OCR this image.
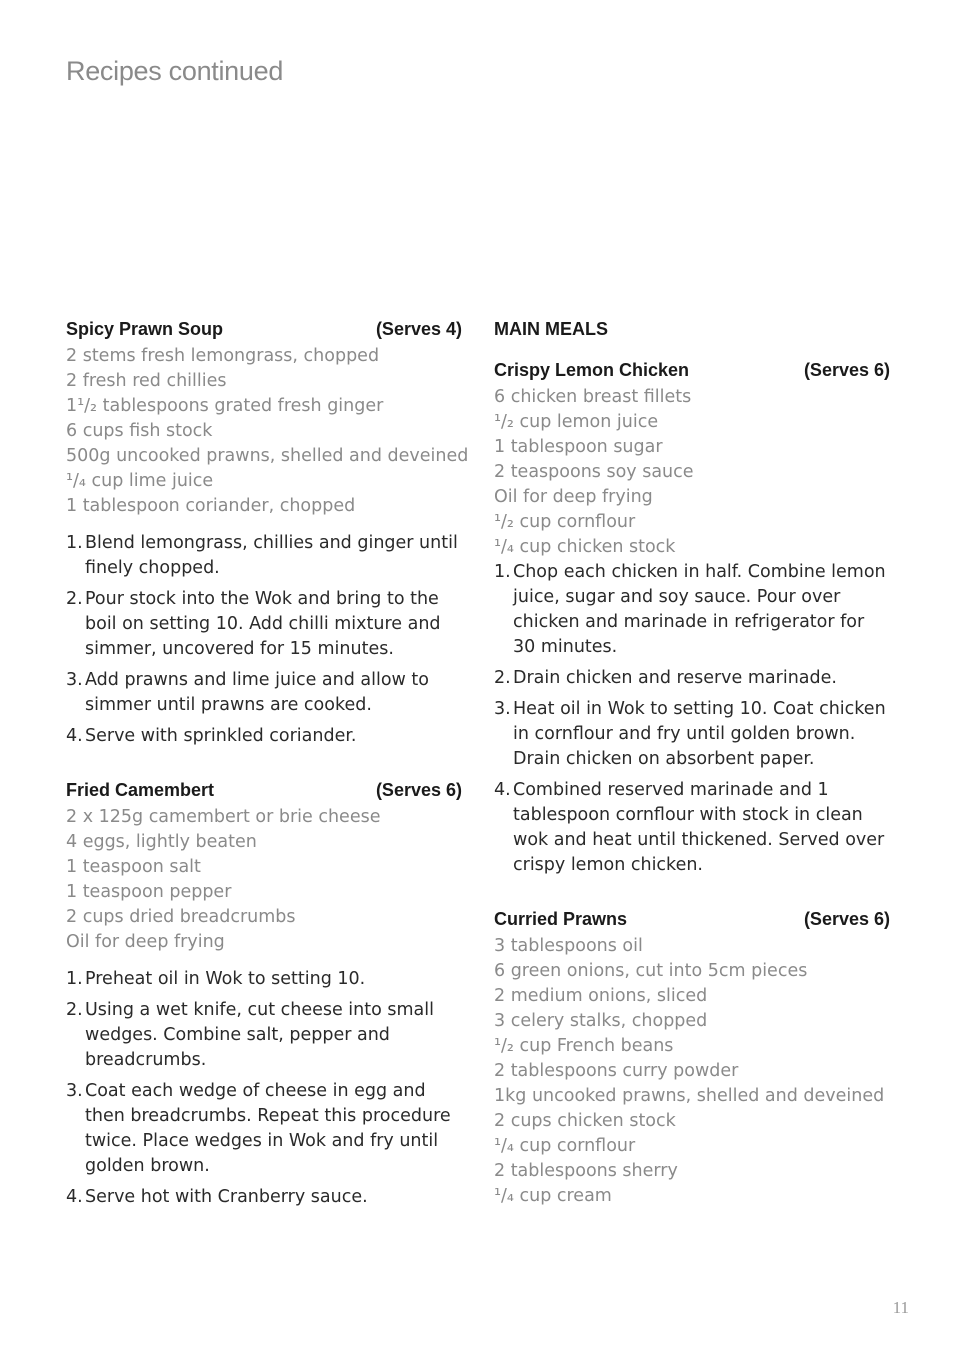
Recipes continued
Spicy Prawn Soup	(Serves 4)
2 stems fresh lemongrass, chopped
2 fresh red chillies
1¹/₂ tablespoons grated fresh ginger
6 cups fish stock
500g uncooked prawns, shelled and deveined
¹/₄ cup lime juice
1 tablespoon coriander, chopped
1. Blend lemongrass, chillies and ginger until finely chopped.
2. Pour stock into the Wok and bring to the boil on setting 10. Add chilli mixture and simmer, uncovered for 15 minutes.
3. Add prawns and lime juice and allow to simmer until prawns are cooked.
4. Serve with sprinkled coriander.
Fried Camembert	(Serves 6)
2 x 125g camembert or brie cheese
4 eggs, lightly beaten
1 teaspoon salt
1 teaspoon pepper
2 cups dried breadcrumbs
Oil for deep frying
1. Preheat oil in Wok to setting 10.
2. Using a wet knife, cut cheese into small wedges. Combine salt, pepper and breadcrumbs.
3. Coat each wedge of cheese in egg and then breadcrumbs. Repeat this procedure twice. Place wedges in Wok and fry until golden brown.
4. Serve hot with Cranberry sauce.
MAIN MEALS
Crispy Lemon Chicken	(Serves 6)
6 chicken breast fillets
¹/₂ cup lemon juice
1 tablespoon sugar
2 teaspoons soy sauce
Oil for deep frying
¹/₂ cup cornflour
¹/₄ cup chicken stock
1. Chop each chicken in half. Combine lemon juice, sugar and soy sauce. Pour over chicken and marinade in refrigerator for 30 minutes.
2. Drain chicken and reserve marinade.
3. Heat oil in Wok to setting 10. Coat chicken in cornflour and fry until golden brown. Drain chicken on absorbent paper.
4. Combined reserved marinade and 1 tablespoon cornflour with stock in clean wok and heat until thickened. Served over crispy lemon chicken.
Curried Prawns	(Serves 6)
3 tablespoons oil
6 green onions, cut into 5cm pieces
2 medium onions, sliced
3 celery stalks, chopped
¹/₂ cup French beans
2 tablespoons curry powder
1kg uncooked prawns, shelled and deveined
2 cups chicken stock
¹/₄ cup cornflour
2 tablespoons sherry
¹/₄ cup cream
11
